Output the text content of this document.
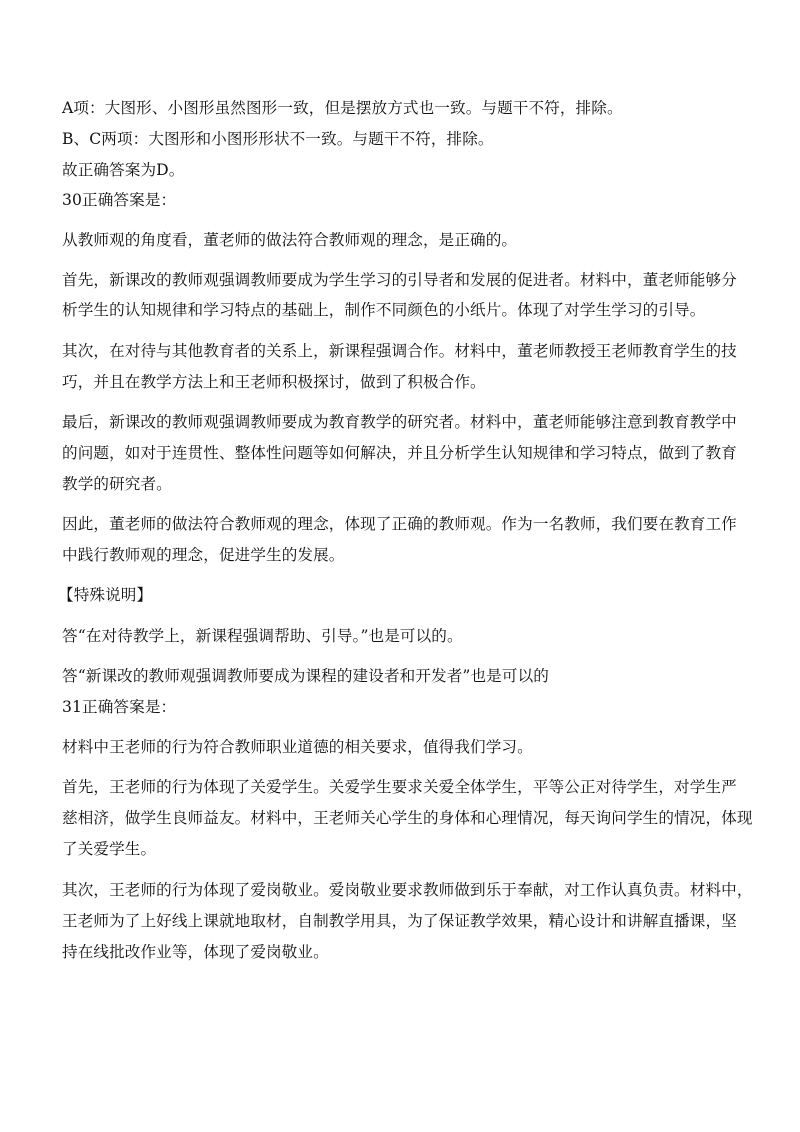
A项：大图形、小图形虽然图形一致，但是摆放方式也一致。与题干不符，排除。
B、C两项：大图形和小图形形状不一致。与题干不符，排除。
故正确答案为D。
30正确答案是：
从教师观的角度看，董老师的做法符合教师观的理念，是正确的。
首先，新课改的教师观强调教师要成为学生学习的引导者和发展的促进者。材料中，董老师能够分
析学生的认知规律和学习特点的基础上，制作不同颜色的小纸片。体现了对学生学习的引导。
其次，在对待与其他教育者的关系上，新课程强调合作。材料中，董老师教授王老师教育学生的技
巧，并且在教学方法上和王老师积极探讨，做到了积极合作。
最后，新课改的教师观强调教师要成为教育教学的研究者。材料中，董老师能够注意到教育教学中
的问题，如对于连贯性、整体性问题等如何解决，并且分析学生认知规律和学习特点，做到了教育
教学的研究者。
因此，董老师的做法符合教师观的理念，体现了正确的教师观。作为一名教师，我们要在教育工作
中践行教师观的理念，促进学生的发展。
【特殊说明】
答“在对待教学上，新课程强调帮助、引导。”也是可以的。
答“新课改的教师观强调教师要成为课程的建设者和开发者”也是可以的
31正确答案是：
材料中王老师的行为符合教师职业道德的相关要求，值得我们学习。
首先，王老师的行为体现了关爱学生。关爱学生要求关爱全体学生，平等公正对待学生，对学生严
慈相济，做学生良师益友。材料中，王老师关心学生的身体和心理情况，每天询问学生的情况，体现
了关爱学生。
其次，王老师的行为体现了爱岗敬业。爱岗敬业要求教师做到乐于奉献，对工作认真负责。材料中，
王老师为了上好线上课就地取材，自制教学用具，为了保证教学效果，精心设计和讲解直播课，坚
持在线批改作业等，体现了爱岗敬业。
